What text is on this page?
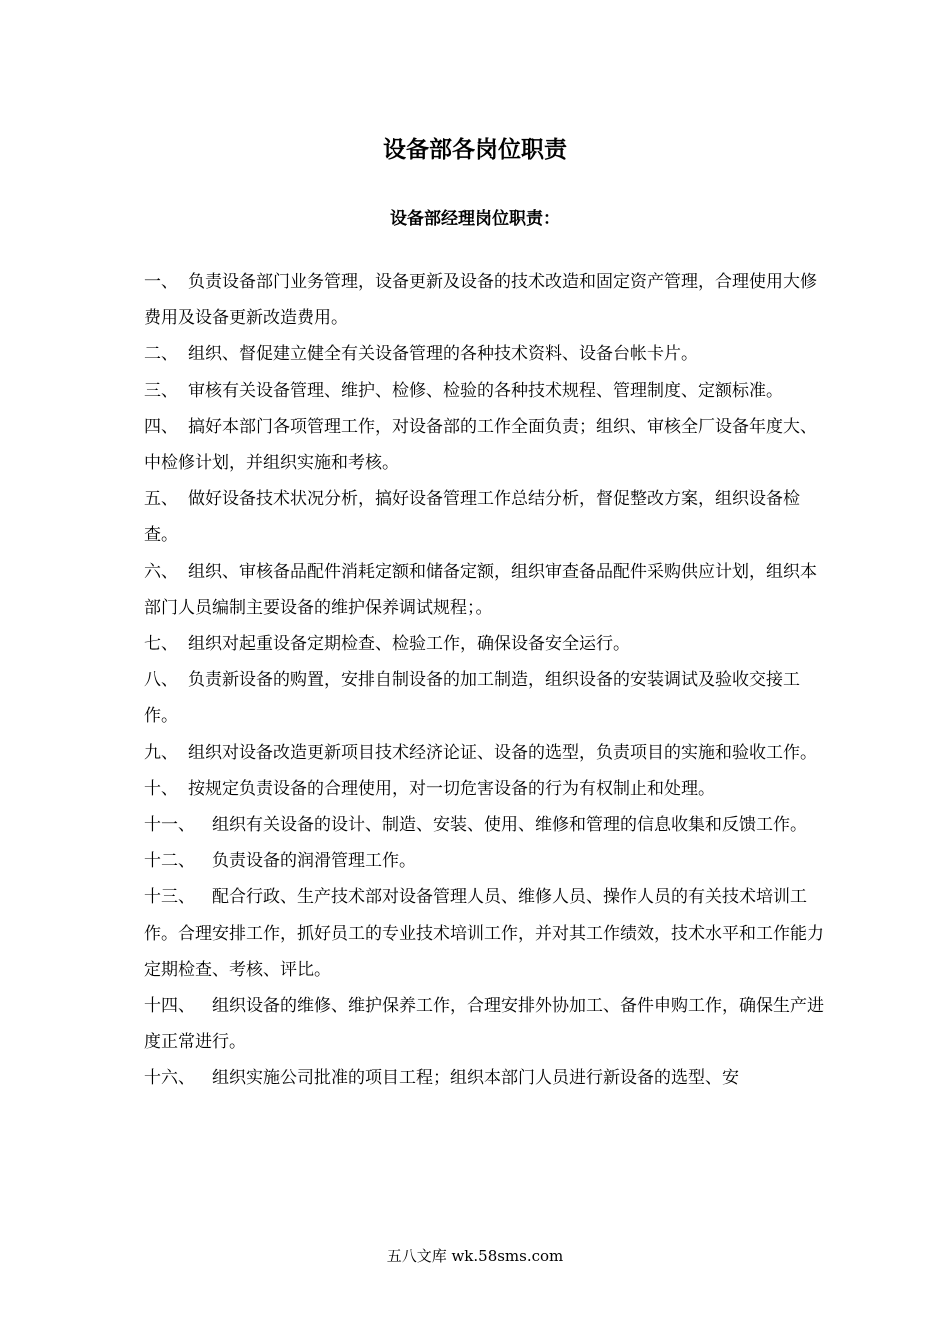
设备部各岗位职责
设备部经理岗位职责：

一、 负责设备部门业务管理，设备更新及设备的技术改造和固定资产管理，合理使用大修费用及设备更新改造费用。

二、 组织、督促建立健全有关设备管理的各种技术资料、设备台帐卡片。

三、 审核有关设备管理、维护、检修、检验的各种技术规程、管理制度、定额标准。

四、 搞好本部门各项管理工作，对设备部的工作全面负责；组织、审核全厂设备年度大、中检修计划，并组织实施和考核。

五、 做好设备技术状况分析，搞好设备管理工作总结分析，督促整改方案，组织设备检查。

六、 组织、审核备品配件消耗定额和储备定额，组织审查备品配件采购供应计划，组织本部门人员编制主要设备的维护保养调试规程；。

七、 组织对起重设备定期检查、检验工作，确保设备安全运行。

八、 负责新设备的购置，安排自制设备的加工制造，组织设备的安装调试及验收交接工作。

九、 组织对设备改造更新项目技术经济论证、设备的选型，负责项目的实施和验收工作。

十、 按规定负责设备的合理使用，对一切危害设备的行为有权制止和处理。

十一、 组织有关设备的设计、制造、安装、使用、维修和管理的信息收集和反馈工作。

十二、 负责设备的润滑管理工作。

十三、 配合行政、生产技术部对设备管理人员、维修人员、操作人员的有关技术培训工作。合理安排工作，抓好员工的专业技术培训工作，并对其工作绩效，技术水平和工作能力定期检查、考核、评比。

十四、 组织设备的维修、维护保养工作，合理安排外协加工、备件申购工作，确保生产进度正常进行。

十六、 组织实施公司批准的项目工程；组织本部门人员进行新设备的选型、安

五八文库 wk.58sms.com
